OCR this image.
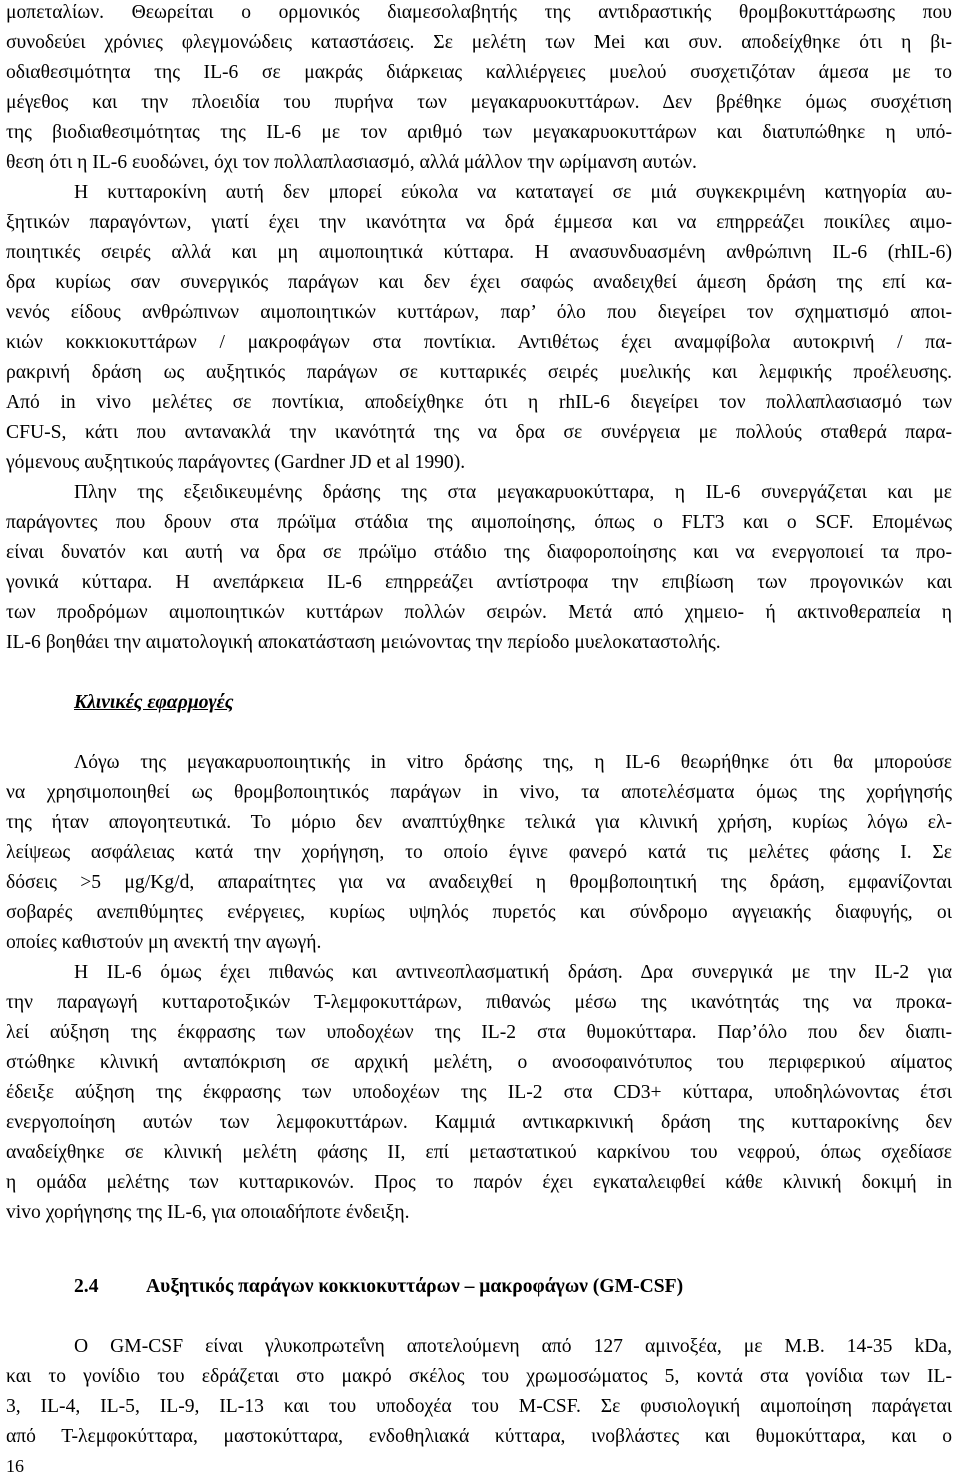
μοπεταλίων. Θεωρείται ο ορμονικός διαμεσολαβητής της αντιδραστικής θρομβοκυττάρωσης που

συνοδεύει χρόνιες φλεγμονώδεις καταστάσεις. Σε μελέτη των Mei και συν. αποδείχθηκε ότι η βι-

οδιαθεσιμότητα της IL-6 σε μακράς διάρκειας καλλιέργειες μυελού συσχετιζόταν άμεσα με το

μέγεθος και την πλοειδία του πυρήνα των μεγακαρυοκυττάρων. Δεν βρέθηκε όμως συσχέτιση

της βιοδιαθεσιμότητας της IL-6 με τον αριθμό των μεγακαρυοκυττάρων και διατυπώθηκε η υπό-

θεση ότι η IL-6 ευοδώνει, όχι τον πολλαπλασιασμό, αλλά μάλλον την ωρίμανση αυτών.

Η κυτταροκίνη αυτή δεν μπορεί εύκολα να καταταγεί σε μιά συγκεκριμένη κατηγορία αυ-

ξητικών παραγόντων, γιατί έχει την ικανότητα να δρά έμμεσα και να επηρρεάζει ποικίλες αιμο-

ποιητικές σειρές αλλά και μη αιμοποιητικά κύτταρα. Η ανασυνδυασμένη ανθρώπινη IL-6 (rhIL-6)

δρα κυρίως σαν συνεργικός παράγων και δεν έχει σαφώς αναδειχθεί άμεση δράση της επί κα-

νενός είδους ανθρώπινων αιμοποιητικών κυττάρων, παρ’ όλο που διεγείρει τον σχηματισμό αποι-

κιών κοκκιοκυττάρων / μακροφάγων στα ποντίκια. Αντιθέτως έχει αναμφίβολα αυτοκρινή / πα-

ρακρινή δράση ως αυξητικός παράγων σε κυτταρικές σειρές μυελικής και λεμφικής προέλευσης.

Από in vivo μελέτες σε ποντίκια, αποδείχθηκε ότι η rhIL-6 διεγείρει τον πολλαπλασιασμό των

CFU-S, κάτι που αντανακλά την ικανότητά της να δρα σε συνέργεια με πολλούς σταθερά παρα-

γόμενους αυξητικούς παράγοντες (Gardner JD et al 1990).

Πλην της εξειδικευμένης δράσης της στα μεγακαρυοκύτταρα, η IL-6 συνεργάζεται και με

παράγοντες που δρουν στα πρώϊμα στάδια της αιμοποίησης, όπως ο FLT3 και ο SCF. Επομένως

είναι δυνατόν και αυτή να δρα σε πρώϊμο στάδιο της διαφοροποίησης και να ενεργοποιεί τα προ-

γονικά κύτταρα. Η ανεπάρκεια IL-6 επηρρεάζει αντίστροφα την επιβίωση των προγονικών και

των προδρόμων αιμοποιητικών κυττάρων πολλών σειρών. Μετά από χημειο- ή ακτινοθεραπεία η

IL-6 βοηθάει την αιματολογική αποκατάσταση μειώνοντας την περίοδο μυελοκαταστολής.

Κλινικές εφαρμογές

Λόγω της μεγακαρυοποιητικής in vitro δράσης της, η IL-6 θεωρήθηκε ότι θα μπορούσε

να χρησιμοποιηθεί ως θρομβοποιητικός παράγων in vivo, τα αποτελέσματα όμως της χορήγησής

της ήταν απογοητευτικά. Το μόριο δεν αναπτύχθηκε τελικά για κλινική χρήση, κυρίως λόγω ελ-

λείψεως ασφάλειας κατά την χορήγηση, το οποίο έγινε φανερό κατά τις μελέτες φάσης Ι. Σε

δόσεις >5 μg/Kg/d, απαραίτητες για να αναδειχθεί η θρομβοποιητική της δράση, εμφανίζονται

σοβαρές ανεπιθύμητες ενέργειες, κυρίως υψηλός πυρετός και σύνδρομο αγγειακής διαφυγής, οι

οποίες καθιστούν μη ανεκτή την αγωγή.

Η IL-6 όμως έχει πιθανώς και αντινεοπλασματική δράση. Δρα συνεργικά με την IL-2 για

την παραγωγή κυτταροτοξικών Τ-λεμφοκυττάρων, πιθανώς μέσω της ικανότητάς της να προκα-

λεί αύξηση της έκφρασης των υποδοχέων της IL-2 στα θυμοκύτταρα. Παρ’όλο που δεν διαπι-

στώθηκε κλινική ανταπόκριση σε αρχική μελέτη, ο ανοσοφαινότυπος του περιφερικού αίματος

έδειξε αύξηση της έκφρασης των υποδοχέων της IL-2 στα CD3+ κύτταρα, υποδηλώνοντας έτσι

ενεργοποίηση αυτών των λεμφοκυττάρων. Καμμιά αντικαρκινική δράση της κυτταροκίνης δεν

αναδείχθηκε σε κλινική μελέτη φάσης ΙΙ, επί μεταστατικού καρκίνου του νεφρού, όπως σχεδίασε

η ομάδα μελέτης των κυτταρικονών. Προς το παρόν έχει εγκαταλειφθεί κάθε κλινική δοκιμή in

vivo χορήγησης της IL-6, για οποιαδήποτε ένδειξη.

2.4 Αυξητικός παράγων κοκκιοκυττάρων – μακροφάγων (GM-CSF)

Ο GM-CSF είναι γλυκοπρωτεΐνη αποτελούμενη από 127 αμινοξέα, με Μ.Β. 14-35 kDa,

και το γονίδιο του εδράζεται στο μακρό σκέλος του χρωμοσώματος 5, κοντά στα γονίδια των IL-

3, IL-4, IL-5, IL-9, IL-13 και του υποδοχέα του M-CSF. Σε φυσιολογική αιμοποίηση παράγεται

από Τ-λεμφοκύτταρα, μαστοκύτταρα, ενδοθηλιακά κύτταρα, ινοβλάστες και θυμοκύτταρα, και ο

16
